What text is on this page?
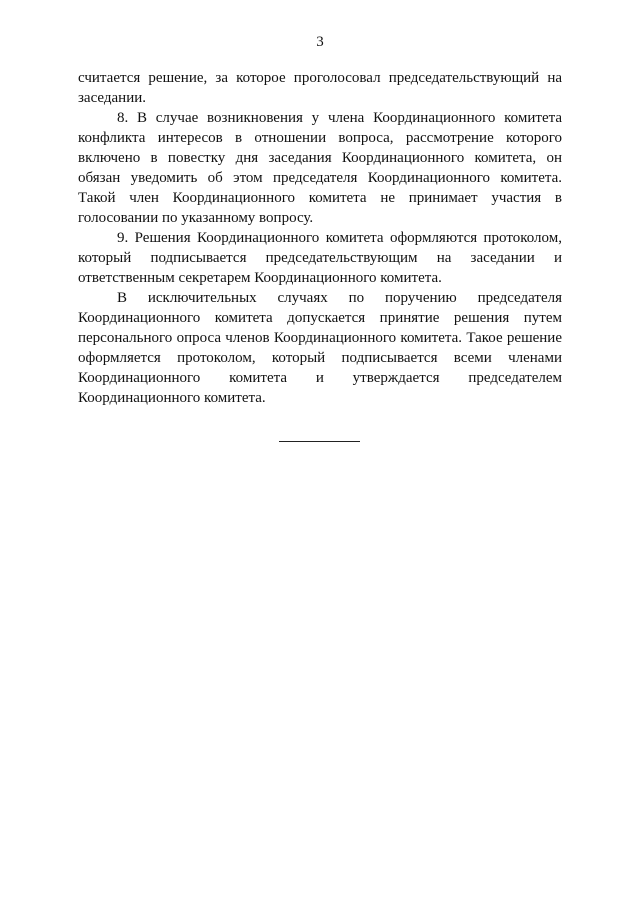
3

считается решение, за которое проголосовал председательствующий на заседании.

8. В случае возникновения у члена Координационного комитета конфликта интересов в отношении вопроса, рассмотрение которого включено в повестку дня заседания Координационного комитета, он обязан уведомить об этом председателя Координационного комитета. Такой член Координационного комитета не принимает участия в голосовании по указанному вопросу.

9. Решения Координационного комитета оформляются протоколом, который подписывается председательствующим на заседании и ответственным секретарем Координационного комитета.

В исключительных случаях по поручению председателя Координационного комитета допускается принятие решения путем персонального опроса членов Координационного комитета. Такое решение оформляется протоколом, который подписывается всеми членами Координационного комитета и утверждается председателем Координационного комитета.
